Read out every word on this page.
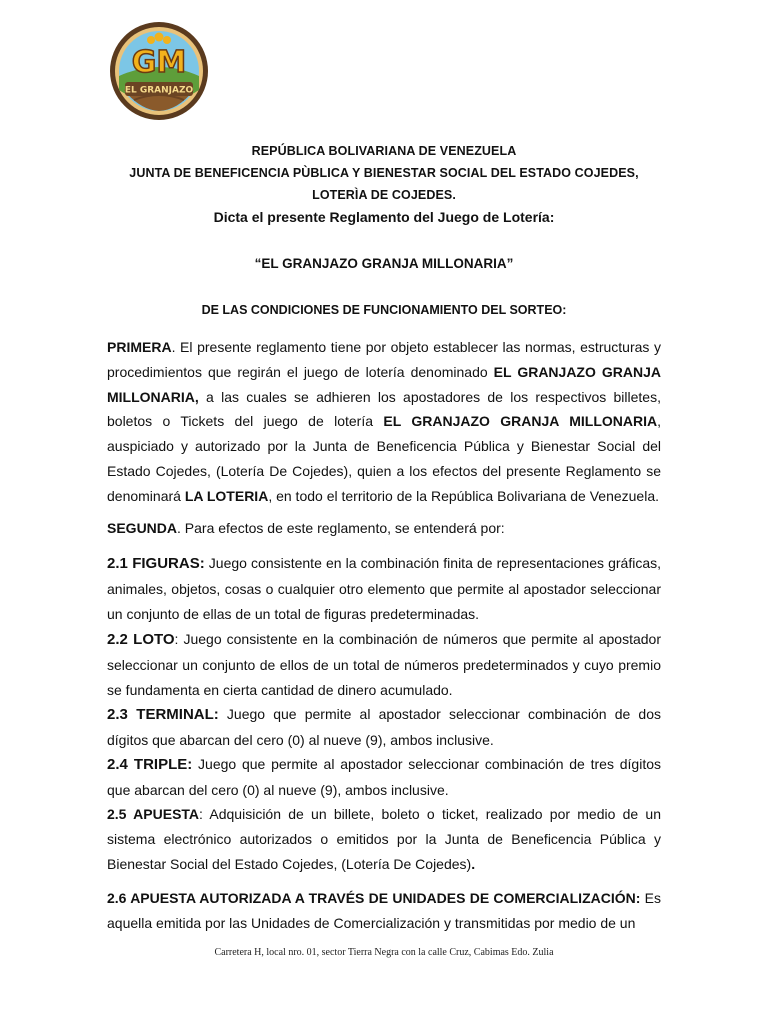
GM
EL GRANJAZO
REPÚBLICA BOLIVARIANA DE VENEZUELA
JUNTA DE BENEFICENCIA PÙBLICA Y BIENESTAR SOCIAL DEL ESTADO COJEDES,
LOTERÌA DE COJEDES.
Dicta el presente Reglamento del Juego de Lotería:
“EL GRANJAZO GRANJA MILLONARIA”
DE LAS CONDICIONES DE FUNCIONAMIENTO DEL SORTEO:

PRIMERA. El presente reglamento tiene por objeto establecer las normas, estructuras y procedimientos que regirán el juego de lotería denominado EL GRANJAZO GRANJA MILLONARIA, a las cuales se adhieren los apostadores de los respectivos billetes, boletos o Tickets del juego de lotería EL GRANJAZO GRANJA MILLONARIA, auspiciado y autorizado por la Junta de Beneficencia Pública y Bienestar Social del Estado Cojedes, (Lotería De Cojedes), quien a los efectos del presente Reglamento se denominará LA LOTERIA, en todo el territorio de la República Bolivariana de Venezuela.

SEGUNDA. Para efectos de este reglamento, se entenderá por:

2.1 FIGURAS: Juego consistente en la combinación finita de representaciones gráficas, animales, objetos, cosas o cualquier otro elemento que permite al apostador seleccionar un conjunto de ellas de un total de figuras predeterminadas.

2.2 LOTO: Juego consistente en la combinación de números que permite al apostador seleccionar un conjunto de ellos de un total de números predeterminados y cuyo premio se fundamenta en cierta cantidad de dinero acumulado.

2.3 TERMINAL: Juego que permite al apostador seleccionar combinación de dos dígitos que abarcan del cero (0) al nueve (9), ambos inclusive.

2.4 TRIPLE: Juego que permite al apostador seleccionar combinación de tres dígitos que abarcan del cero (0) al nueve (9), ambos inclusive.

2.5 APUESTA: Adquisición de un billete, boleto o ticket, realizado por medio de un sistema electrónico autorizados o emitidos por la Junta de Beneficencia Pública y Bienestar Social del Estado Cojedes, (Lotería De Cojedes).

2.6 APUESTA AUTORIZADA A TRAVÉS DE UNIDADES DE COMERCIALIZACIÓN: Es aquella emitida por las Unidades de Comercialización y transmitidas por medio de un

Carretera H, local nro. 01, sector Tierra Negra con la calle Cruz, Cabimas Edo. Zulia
